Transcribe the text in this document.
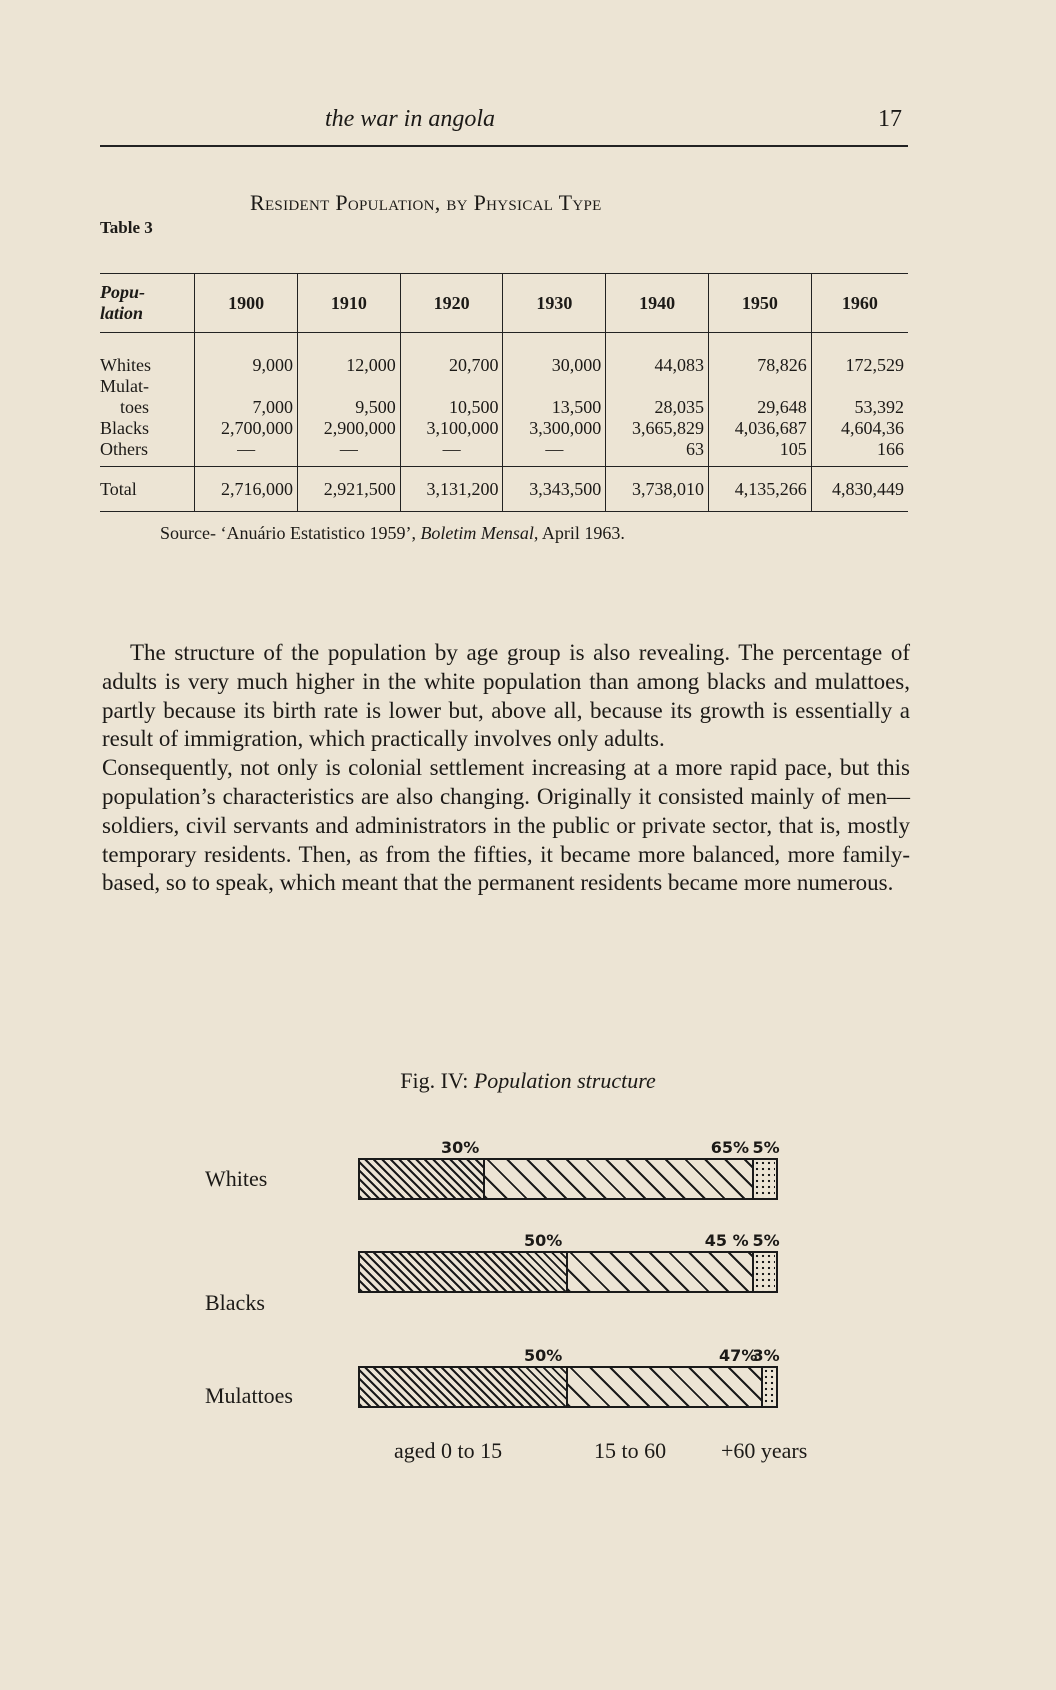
the war in angola	17
Resident Population, by Physical Type
Table 3
Popu-
lation	1900	1910	1920	1930	1940	1950	1960
Whites	9,000	12,000	20,700	30,000	44,083	78,826	172,529
Mulat-							
toes	7,000	9,500	10,500	13,500	28,035	29,648	53,392
Blacks	2,700,000	2,900,000	3,100,000	3,300,000	3,665,829	4,036,687	4,604,36
Others	—	—	—	—	63	105	166
Total	2,716,000	2,921,500	3,131,200	3,343,500	3,738,010	4,135,266	4,830,449
Source- ‘Anuário Estatistico 1959’, Boletim Mensal, April 1963.

The structure of the population by age group is also revealing. The percentage of adults is very much higher in the white population than among blacks and mulattoes, partly because its birth rate is lower but, above all, because its growth is essentially a result of immigration, which practically involves only adults.

Consequently, not only is colonial settlement increasing at a more rapid pace, but this population’s characteristics are also changing. Originally it consisted mainly of men—soldiers, civil servants and administrators in the public or private sector, that is, mostly temporary residents. Then, as from the fifties, it became more balanced, more family-based, so to speak, which meant that the permanent residents became more numerous.

Fig. IV: Population structure
Whites
30%	65% 5%
Blacks
50%	45 % 5%
Mulattoes
50%	47%
3%
aged 0 to 15	15 to 60 +60 years
